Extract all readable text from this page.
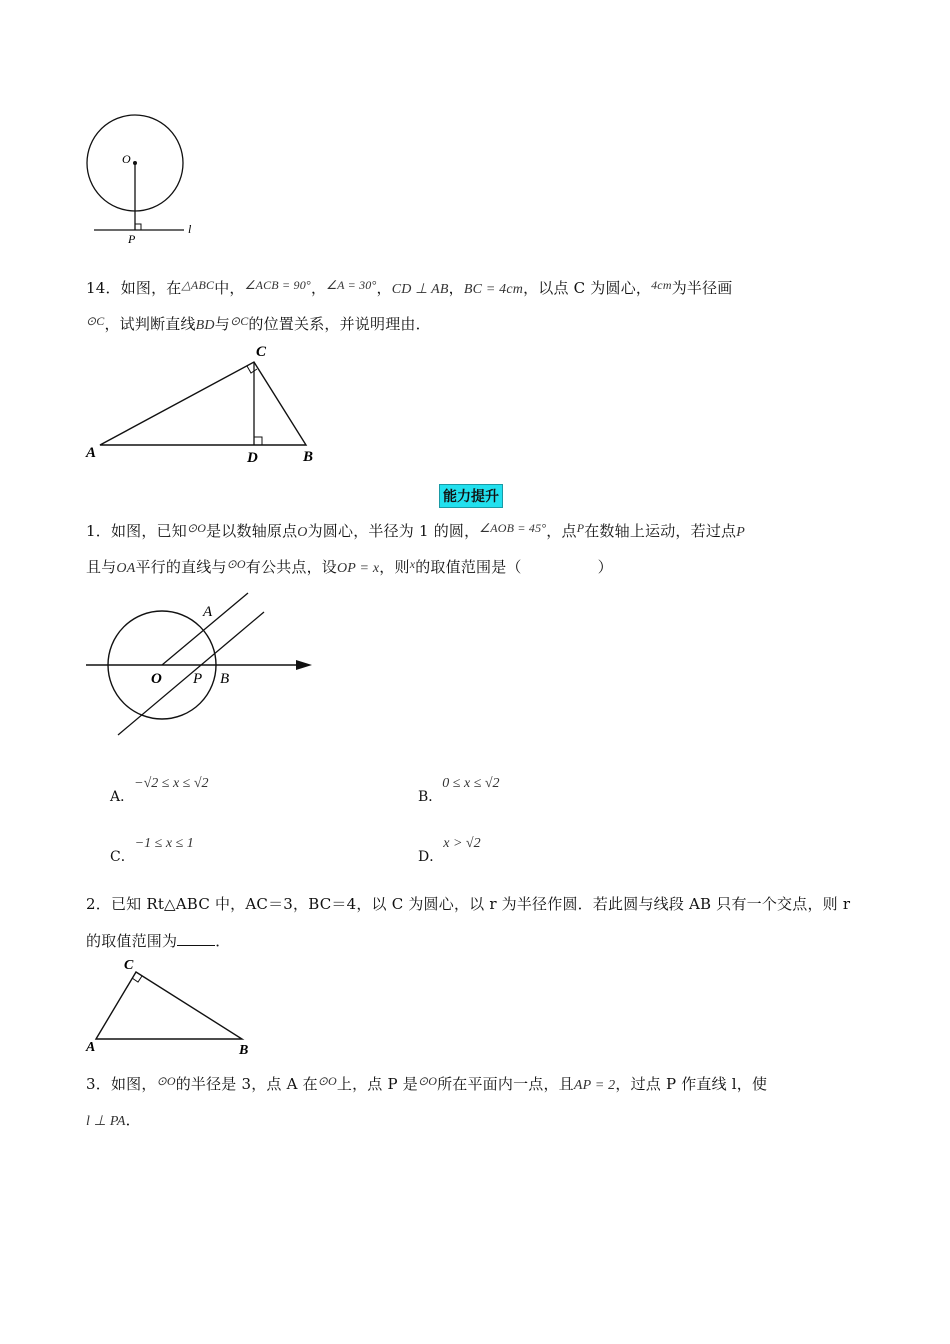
O
P
l
14．如图，在$^{\triangle ABC}$中，$^{\angle ACB = 90^\circ}$，$^{\angle A = 30^\circ}$，CD ⊥ AB，BC = 4cm，以点 C 为圆心，$^{4cm}$为半径画
$^{⊙C}$，试判断直线BD与$^{⊙C}$的位置关系，并说明理由．
A	B
C
D
能力提升
1．如图，已知$^{⊙O}$是以数轴原点O为圆心，半径为 1 的圆，$^{\angle AOB = 45^\circ}$，点$^P$在数轴上运动，若过点P
且与OA平行的直线与$^{⊙O}$有公共点，设OP = x，则$^x$的取值范围是（　　　　　）
A
O P B
A．−√2 ≤ x ≤ √2
B．0 ≤ x ≤ √2
C．−1 ≤ x ≤ 1
D．x > √2
2．已知 Rt△ABC 中，AC＝3，BC＝4，以 C 为圆心，以 r 为半径作圆．若此圆与线段 AB 只有一个交点，则 r
的取值范围为	．
A	B
C
3．如图，$^{⊙O}$的半径是 3，点 A 在$^{⊙O}$上，点 P 是$^{⊙O}$所在平面内一点，且AP = 2，过点 P 作直线 l，使
l ⊥ PA．
